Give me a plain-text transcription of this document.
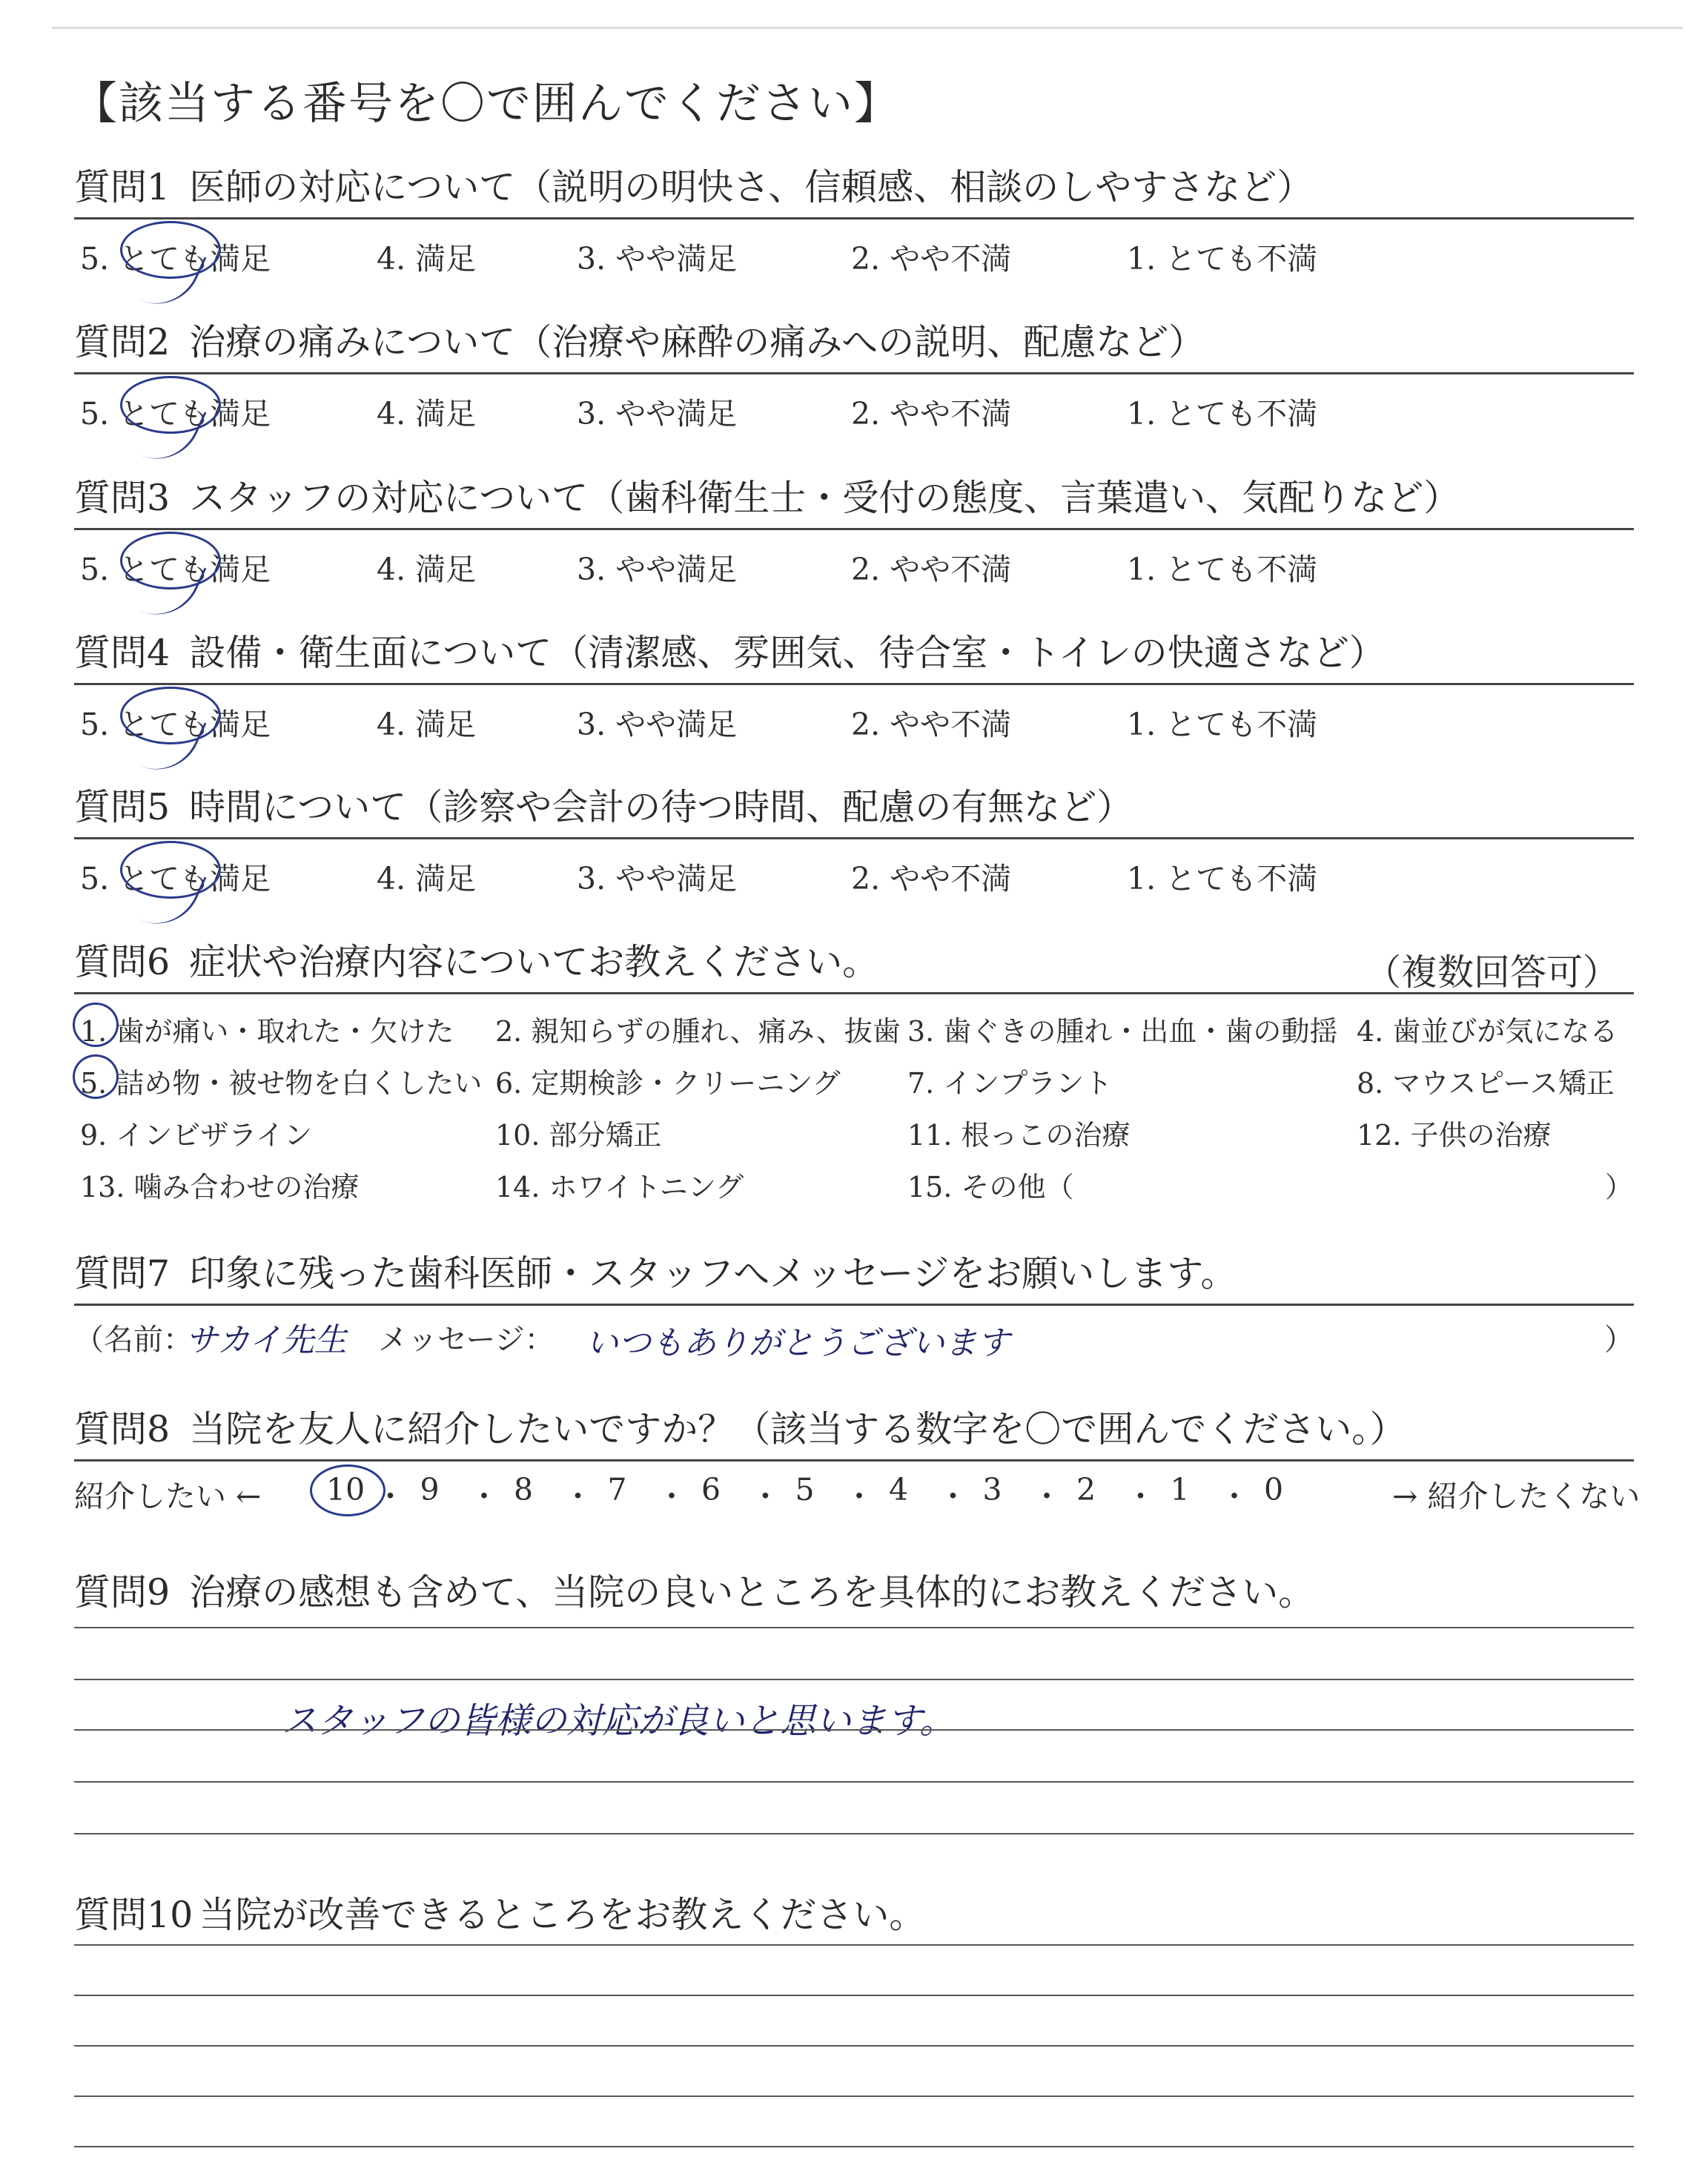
【該当する番号を〇で囲んでください】
質問1 医師の対応について（説明の明快さ、信頼感、相談のしやすさなど）
質問2 治療の痛みについて（治療や麻酔の痛みへの説明、配慮など）
質問3 スタッフの対応について（歯科衛生士・受付の態度、言葉遣い、気配りなど）
質問4 設備・衛生面について（清潔感、雰囲気、待合室・トイレの快適さなど）
質問5 時間について（診察や会計の待つ時間、配慮の有無など）
質問6 症状や治療内容についてお教えください。	（複数回答可）
1. 歯が痛い・取れた・欠けた 2. 親知らずの腫れ、痛み、抜歯 3. 歯ぐきの腫れ・出血・歯の動揺 4. 歯並びが気になる
5. 詰め物・被せ物を白くしたい 6. 定期検診・クリーニング 7. インプラント	8. マウスピース矯正
9. インビザライン	10. 部分矯正	11. 根っこの治療	12. 子供の治療
13. 噛み合わせの治療	14. ホワイトニング	15. その他（	）
質問7 印象に残った歯科医師・スタッフへメッセージをお願いします。
（名前：
サカイ先生 メッセージ： いつもありがとうございます	）
質問8 当院を友人に紹介したいですか？（該当する数字を〇で囲んでください。）
紹介したい ←	→ 紹介したくない
10 ・ 9 ・ 8 ・ 7 ・ 6 ・ 5 ・ 4 ・ 3 ・ 2 ・ 1 ・ 0
質問9 治療の感想も含めて、当院の良いところを具体的にお教えください。
スタッフの皆様の対応が良いと思います。
質問10 当院が改善できるところをお教えください。
5. とても満足	4. 満足	3. やや満足	2. やや不満	1. とても不満
5. とても満足	4. 満足	3. やや満足	2. やや不満	1. とても不満
5. とても満足	4. 満足	3. やや満足	2. やや不満	1. とても不満
5. とても満足	4. 満足	3. やや満足	2. やや不満	1. とても不満
5. とても満足	4. 満足	3. やや満足	2. やや不満	1. とても不満
